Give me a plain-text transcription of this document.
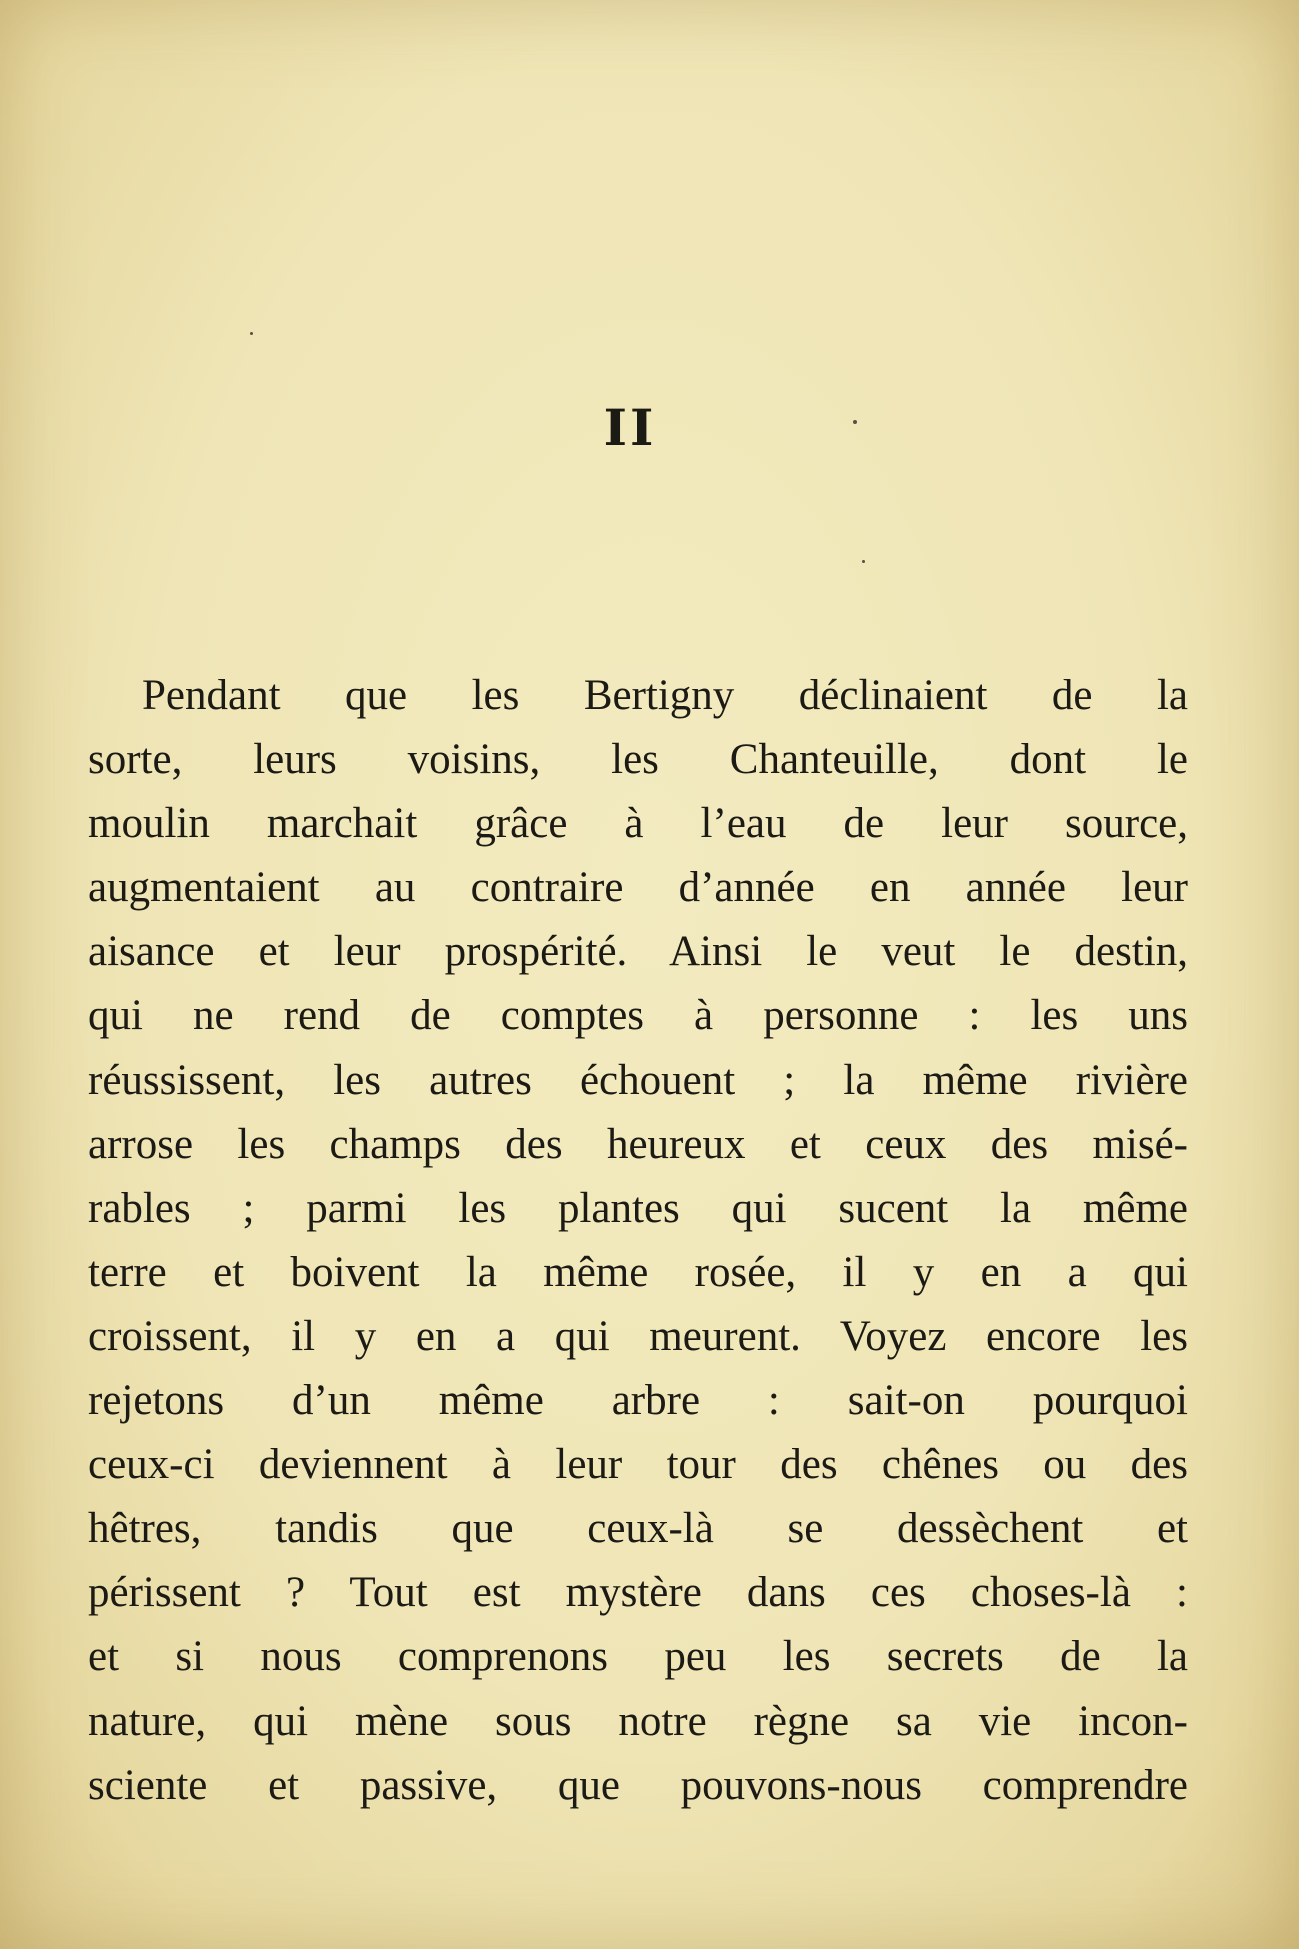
II
Pendant que les Bertigny déclinaient de la
sorte, leurs voisins, les Chanteuille, dont le
moulin marchait grâce à l’eau de leur source,
augmentaient au contraire d’année en année leur
aisance et leur prospérité. Ainsi le veut le destin,
qui ne rend de comptes à personne : les uns
réussissent, les autres échouent ; la même rivière
arrose les champs des heureux et ceux des misé-
rables ; parmi les plantes qui sucent la même
terre et boivent la même rosée, il y en a qui
croissent, il y en a qui meurent. Voyez encore les
rejetons d’un même arbre : sait-on pourquoi
ceux-ci deviennent à leur tour des chênes ou des
hêtres, tandis que ceux-là se dessèchent et
périssent ? Tout est mystère dans ces choses-là :
et si nous comprenons peu les secrets de la
nature, qui mène sous notre règne sa vie incon-
sciente et passive, que pouvons-nous comprendre
